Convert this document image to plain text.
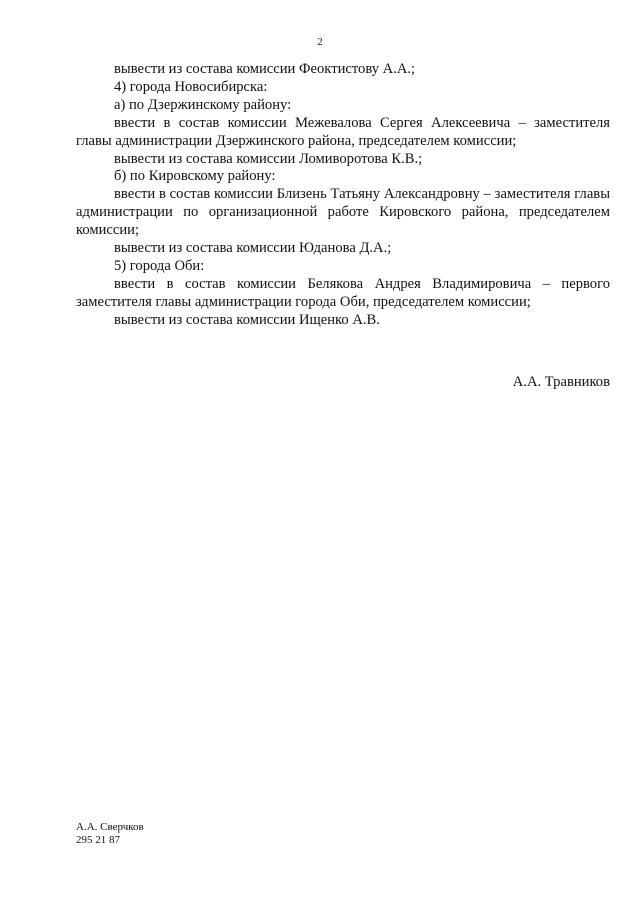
2

вывести из состава комиссии Феоктистову А.А.;

4) города Новосибирска:

а) по Дзержинскому району:

ввести в состав комиссии Межевалова Сергея Алексеевича – заместителя главы администрации Дзержинского района, председателем комиссии;

вывести из состава комиссии Ломиворотова К.В.;

б) по Кировскому району:

ввести в состав комиссии Близень Татьяну Александровну – заместителя главы администрации по организационной работе Кировского района, председателем комиссии;

вывести из состава комиссии Юданова Д.А.;

5) города Оби:

ввести в состав комиссии Белякова Андрея Владимировича – первого заместителя главы администрации города Оби, председателем комиссии;

вывести из состава комиссии Ищенко А.В.

А.А. Травников
А.А. Сверчков
295 21 87
